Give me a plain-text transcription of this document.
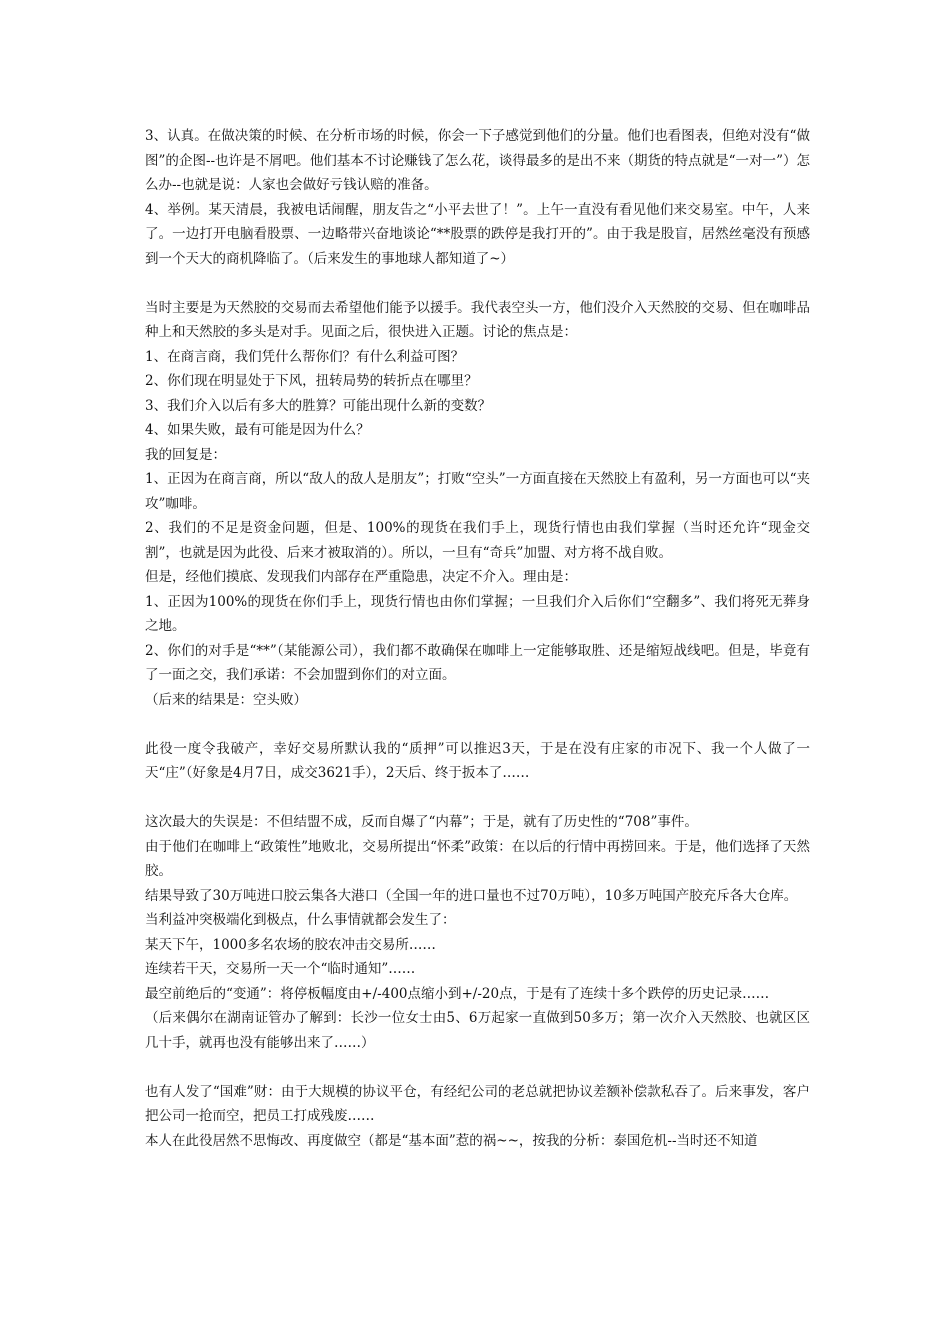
3、认真。在做决策的时候、在分析市场的时候，你会一下子感觉到他们的分量。他们也看图表，但绝对没有“做图”的企图--也许是不屑吧。他们基本不讨论赚钱了怎么花，谈得最多的是出不来（期货的特点就是“一对一”）怎么办--也就是说：人家也会做好亏钱认赔的准备。

4、举例。某天清晨，我被电话闹醒，朋友告之“小平去世了！”。上午一直没有看见他们来交易室。中午，人来了。一边打开电脑看股票、一边略带兴奋地谈论“**股票的跌停是我打开的”。由于我是股盲，居然丝毫没有预感到一个天大的商机降临了。（后来发生的事地球人都知道了~）

当时主要是为天然胶的交易而去希望他们能予以援手。我代表空头一方，他们没介入天然胶的交易、但在咖啡品种上和天然胶的多头是对手。见面之后，很快进入正题。讨论的焦点是：

1、在商言商，我们凭什么帮你们？有什么利益可图？

2、你们现在明显处于下风，扭转局势的转折点在哪里？

3、我们介入以后有多大的胜算？可能出现什么新的变数？

4、如果失败，最有可能是因为什么？

我的回复是：

1、正因为在商言商，所以“敌人的敌人是朋友”；打败“空头”一方面直接在天然胶上有盈利，另一方面也可以“夹攻”咖啡。

2、我们的不足是资金问题，但是、100%的现货在我们手上，现货行情也由我们掌握（当时还允许“现金交割”，也就是因为此役、后来才被取消的）。所以，一旦有“奇兵”加盟、对方将不战自败。

但是，经他们摸底、发现我们内部存在严重隐患，决定不介入。理由是：

1、正因为100%的现货在你们手上，现货行情也由你们掌握；一旦我们介入后你们“空翻多”、我们将死无葬身之地。

2、你们的对手是“**”（某能源公司），我们都不敢确保在咖啡上一定能够取胜、还是缩短战线吧。但是，毕竟有了一面之交，我们承诺：不会加盟到你们的对立面。

（后来的结果是：空头败）

此役一度令我破产，幸好交易所默认我的“质押”可以推迟3天，于是在没有庄家的市况下、我一个人做了一天“庄”（好象是4月7日，成交3621手），2天后、终于扳本了……

这次最大的失误是：不但结盟不成，反而自爆了“内幕”；于是，就有了历史性的“708”事件。

由于他们在咖啡上“政策性”地败北，交易所提出“怀柔”政策：在以后的行情中再捞回来。于是，他们选择了天然胶。

结果导致了30万吨进口胶云集各大港口（全国一年的进口量也不过70万吨），10多万吨国产胶充斥各大仓库。

当利益冲突极端化到极点，什么事情就都会发生了：

某天下午，1000多名农场的胶农冲击交易所……

连续若干天，交易所一天一个“临时通知”……

最空前绝后的“变通”：将停板幅度由+/-400点缩小到+/-20点，于是有了连续十多个跌停的历史记录……

（后来偶尔在湖南证管办了解到：长沙一位女士由5、6万起家一直做到50多万；第一次介入天然胶、也就区区几十手，就再也没有能够出来了……）

也有人发了“国难”财：由于大规模的协议平仓，有经纪公司的老总就把协议差额补偿款私吞了。后来事发，客户把公司一抢而空，把员工打成残废……

本人在此役居然不思悔改、再度做空（都是“基本面”惹的祸~~，按我的分析：泰国危机--当时还不知道
